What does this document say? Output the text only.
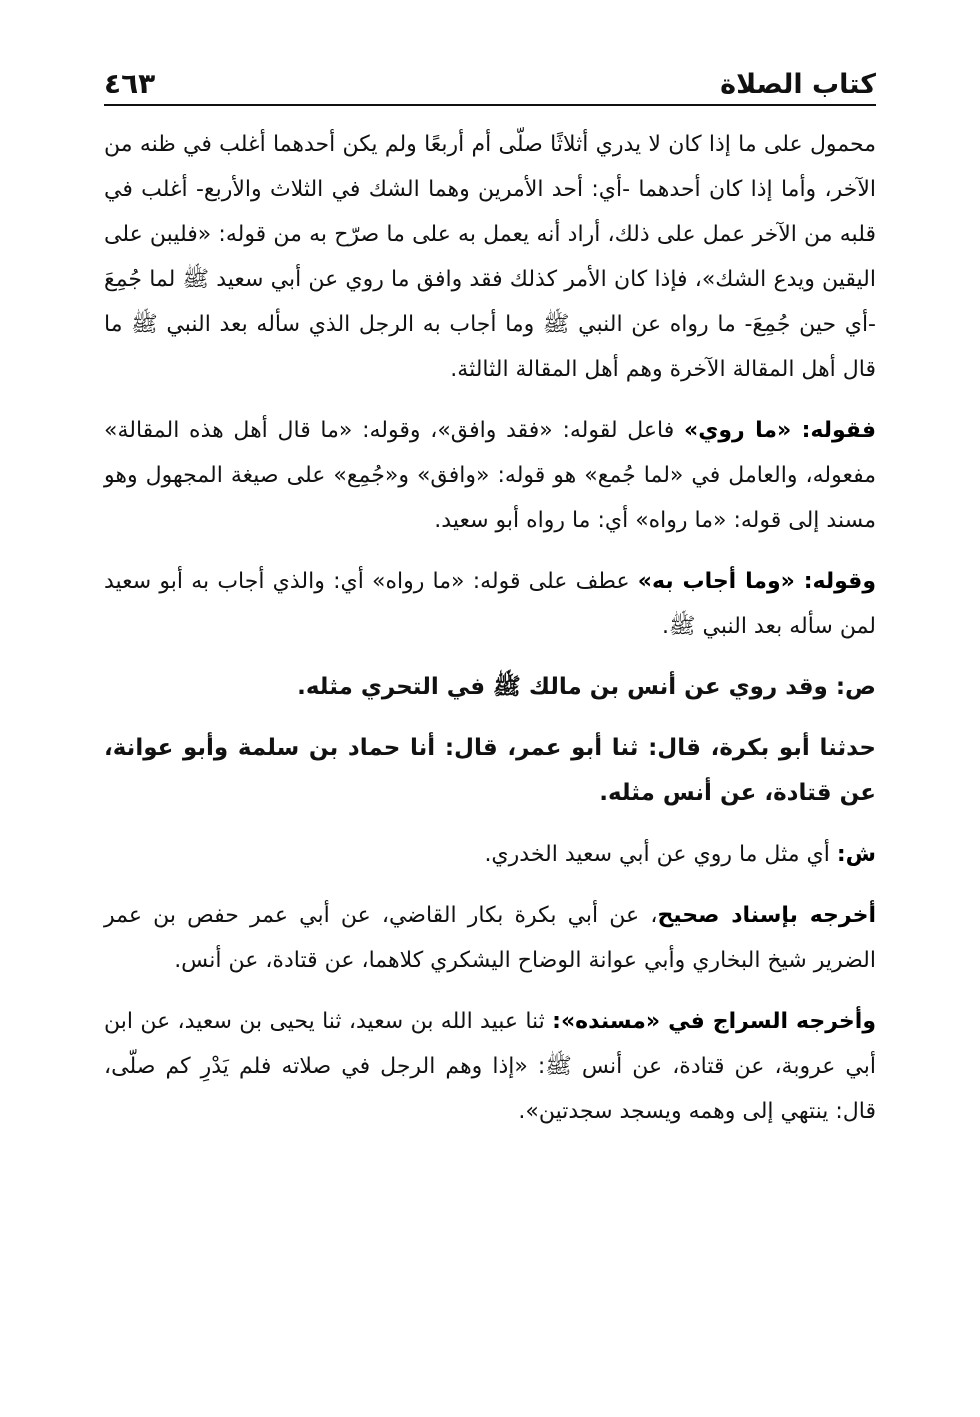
كتاب الصلاة
٤٦٣

محمول على ما إذا كان لا يدري أثلاثًا صلّى أم أربعًا ولم يكن أحدهما أغلب في ظنه من الآخر، وأما إذا كان أحدهما -أي: أحد الأمرين وهما الشك في الثلاث والأربع- أغلب في قلبه من الآخر عمل على ذلك، أراد أنه يعمل به على ما صرّح به من قوله: «فليبن على اليقين ويدع الشك»، فإذا كان الأمر كذلك فقد وافق ما روي عن أبي سعيد ﷺ لما جُمِعَ -أي حين جُمِعَ- ما رواه عن النبي ﷺ وما أجاب به الرجل الذي سأله بعد النبي ﷺ ما قال أهل المقالة الآخرة وهم أهل المقالة الثالثة.

فقوله: «ما روي» فاعل لقوله: «فقد وافق»، وقوله: «ما قال أهل هذه المقالة» مفعوله، والعامل في «لما جُمع» هو قوله: «وافق» و«جُمِع» على صيغة المجهول وهو مسند إلى قوله: «ما رواه» أي: ما رواه أبو سعيد.

وقوله: «وما أجاب به» عطف على قوله: «ما رواه» أي: والذي أجاب به أبو سعيد لمن سأله بعد النبي ﷺ.

ص: وقد روي عن أنس بن مالك ﷺ في التحري مثله.

حدثنا أبو بكرة، قال: ثنا أبو عمر، قال: أنا حماد بن سلمة وأبو عوانة، عن قتادة، عن أنس مثله.

ش: أي مثل ما روي عن أبي سعيد الخدري.

أخرجه بإسناد صحيح، عن أبي بكرة بكار القاضي، عن أبي عمر حفص بن عمر الضرير شيخ البخاري وأبي عوانة الوضاح اليشكري كلاهما، عن قتادة، عن أنس.

وأخرجه السراج في «مسنده»: ثنا عبيد الله بن سعيد، ثنا يحيى بن سعيد، عن ابن أبي عروبة، عن قتادة، عن أنس ﷺ: «إذا وهم الرجل في صلاته فلم يَدْرِ كم صلّى، قال: ينتهي إلى وهمه ويسجد سجدتين».
